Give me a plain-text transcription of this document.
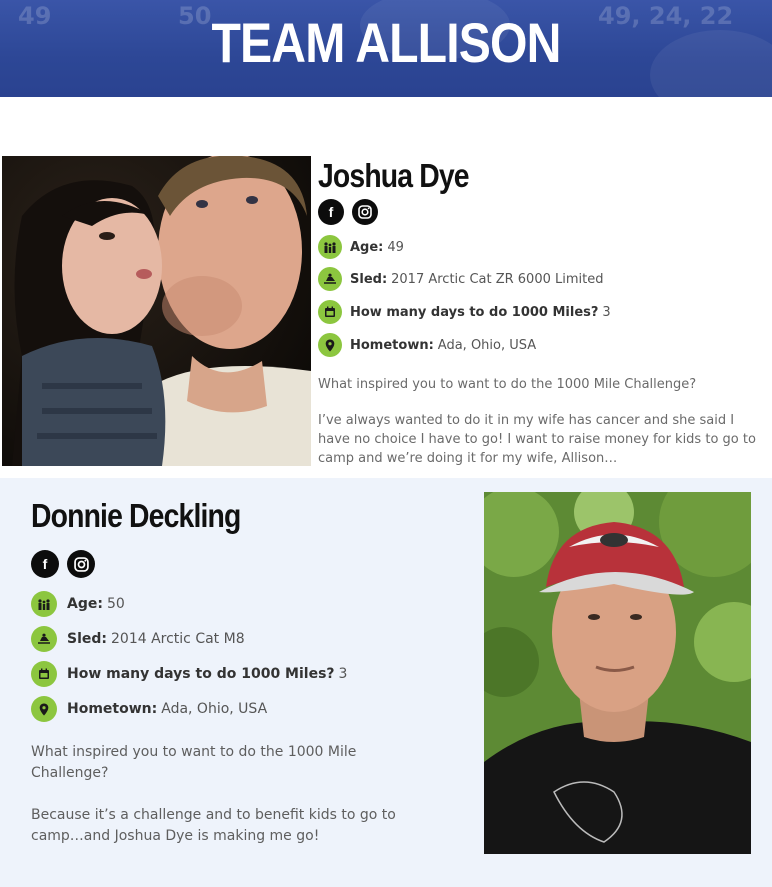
49	50	49, 24, 22
TEAM ALLISON
Joshua Dye
f
Age: 49
Sled: 2017 Arctic Cat ZR 6000 Limited
How many days to do 1000 Miles? 3
Hometown: Ada, Ohio, USA

What inspired you to want to do the 1000 Mile Challenge?

I’ve always wanted to do it in my wife has cancer and she said I have no choice I have to go! I want to raise money for kids to go to camp and we’re doing it for my wife, Allison…

Donnie Deckling
f
Age: 50
Sled: 2014 Arctic Cat M8
How many days to do 1000 Miles? 3
Hometown: Ada, Ohio, USA

What inspired you to want to do the 1000 Mile Challenge?

Because it’s a challenge and to benefit kids to go to camp…and Joshua Dye is making me go!
